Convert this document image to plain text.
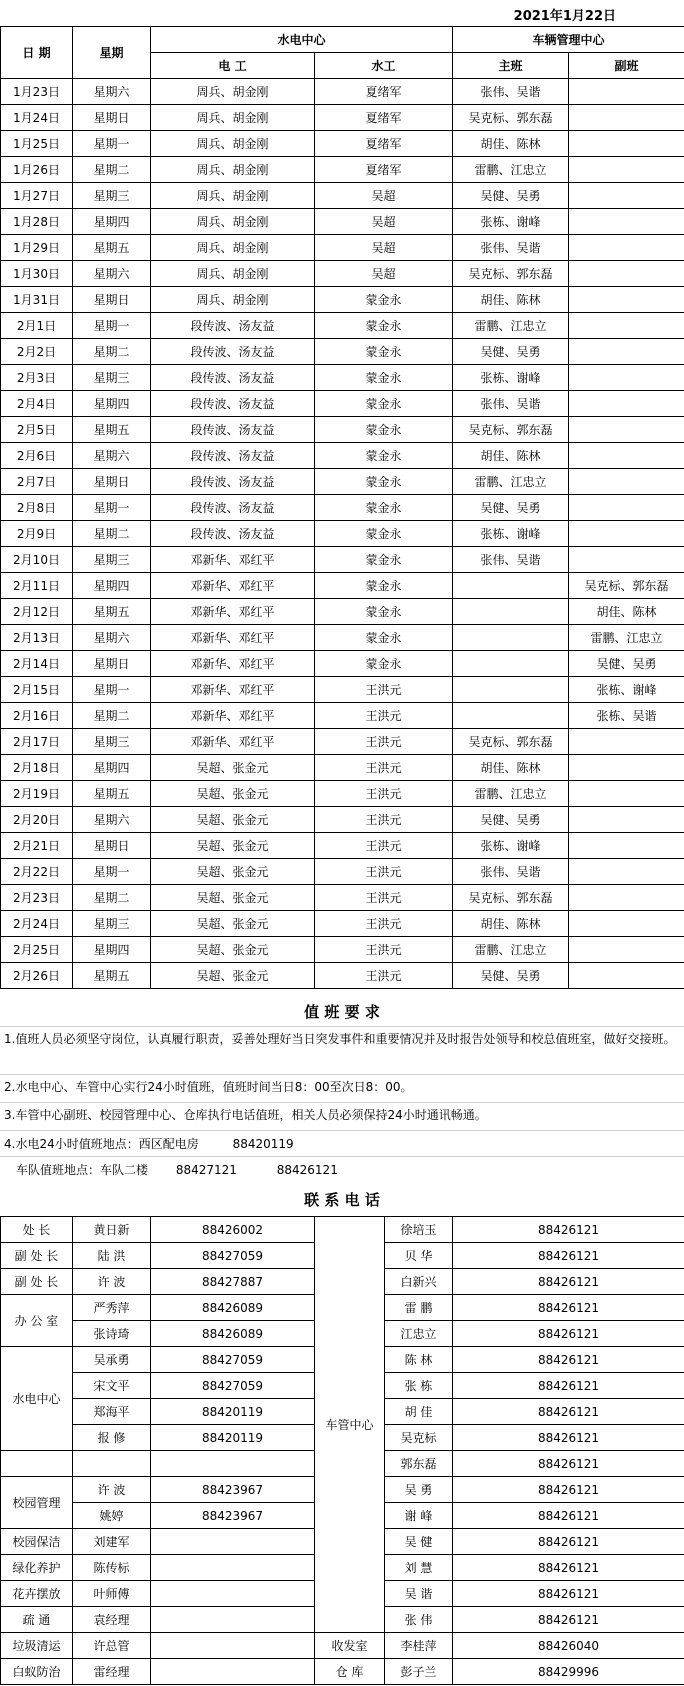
2021年1月22日
日 期	星期	水电中心		车辆管理中心	
		电 工	水工	主班	副班
1月23日	星期六	周兵、胡金刚	夏绪军	张伟、吴谐	
1月24日	星期日	周兵、胡金刚	夏绪军	吴克标、郭东磊	
1月25日	星期一	周兵、胡金刚	夏绪军	胡佳、陈林	
1月26日	星期二	周兵、胡金刚	夏绪军	雷鹏、江忠立	
1月27日	星期三	周兵、胡金刚	吴超	吴健、吴勇	
1月28日	星期四	周兵、胡金刚	吴超	张栋、谢峰	
1月29日	星期五	周兵、胡金刚	吴超	张伟、吴谐	
1月30日	星期六	周兵、胡金刚	吴超	吴克标、郭东磊	
1月31日	星期日	周兵、胡金刚	蒙金永	胡佳、陈林	
2月1日	星期一	段传波、汤友益	蒙金永	雷鹏、江忠立	
2月2日	星期二	段传波、汤友益	蒙金永	吴健、吴勇	
2月3日	星期三	段传波、汤友益	蒙金永	张栋、谢峰	
2月4日	星期四	段传波、汤友益	蒙金永	张伟、吴谐	
2月5日	星期五	段传波、汤友益	蒙金永	吴克标、郭东磊	
2月6日	星期六	段传波、汤友益	蒙金永	胡佳、陈林	
2月7日	星期日	段传波、汤友益	蒙金永	雷鹏、江忠立	
2月8日	星期一	段传波、汤友益	蒙金永	吴健、吴勇	
2月9日	星期二	段传波、汤友益	蒙金永	张栋、谢峰	
2月10日	星期三	邓新华、邓红平	蒙金永	张伟、吴谐	
2月11日	星期四	邓新华、邓红平	蒙金永		吴克标、郭东磊
2月12日	星期五	邓新华、邓红平	蒙金永		胡佳、陈林
2月13日	星期六	邓新华、邓红平	蒙金永		雷鹏、江忠立
2月14日	星期日	邓新华、邓红平	蒙金永		吴健、吴勇
2月15日	星期一	邓新华、邓红平	王洪元		张栋、谢峰
2月16日	星期二	邓新华、邓红平	王洪元		张栋、吴谐
2月17日	星期三	邓新华、邓红平	王洪元	吴克标、郭东磊	
2月18日	星期四	吴超、张金元	王洪元	胡佳、陈林	
2月19日	星期五	吴超、张金元	王洪元	雷鹏、江忠立	
2月20日	星期六	吴超、张金元	王洪元	吴健、吴勇	
2月21日	星期日	吴超、张金元	王洪元	张栋、谢峰	
2月22日	星期一	吴超、张金元	王洪元	张伟、吴谐	
2月23日	星期二	吴超、张金元	王洪元	吴克标、郭东磊	
2月24日	星期三	吴超、张金元	王洪元	胡佳、陈林	
2月25日	星期四	吴超、张金元	王洪元	雷鹏、江忠立	
2月26日	星期五	吴超、张金元	王洪元	吴健、吴勇	
值 班 要 求
1.值班人员必须坚守岗位，认真履行职责，妥善处理好当日突发事件和重要情况并及时报告处领导和校总值班室，做好交接班。
2.水电中心、车管中心实行24小时值班，值班时间当日8：00至次日8：00。
3.车管中心副班、校园管理中心、仓库执行电话值班，相关人员必须保持24小时通讯畅通。
4.水电24小时值班地点：西区配电房	88420119
车队值班地点：车队二楼 88427121	88426121
联 系 电 话
处 长	黄日新	88426002	车管中心	徐培玉	88426121
副 处 长	陆 洪	88427059		贝 华	88426121
副 处 长	许 波	88427887		白新兴	88426121
办 公 室	严秀萍	88426089		雷 鹏	88426121
	张诗琦	88426089		江忠立	88426121
水电中心	吴承勇	88427059		陈 林	88426121
	宋文平	88427059		张 栋	88426121
	郑海平	88420119		胡 佳	88426121
	报 修	88420119		吴克标	88426121
				郭东磊	88426121
校园管理	许 波	88423967		吴 勇	88426121
	姚婷	88423967		谢 峰	88426121
校园保洁	刘建军			吴 健	88426121
绿化养护	陈传标			刘 慧	88426121
花卉摆放	叶师傅			吴 谐	88426121
疏 通	袁经理			张 伟	88426121
垃圾清运	许总管		收发室	李桂萍	88426040
白蚁防治	雷经理		仓 库	彭子兰	88429996
